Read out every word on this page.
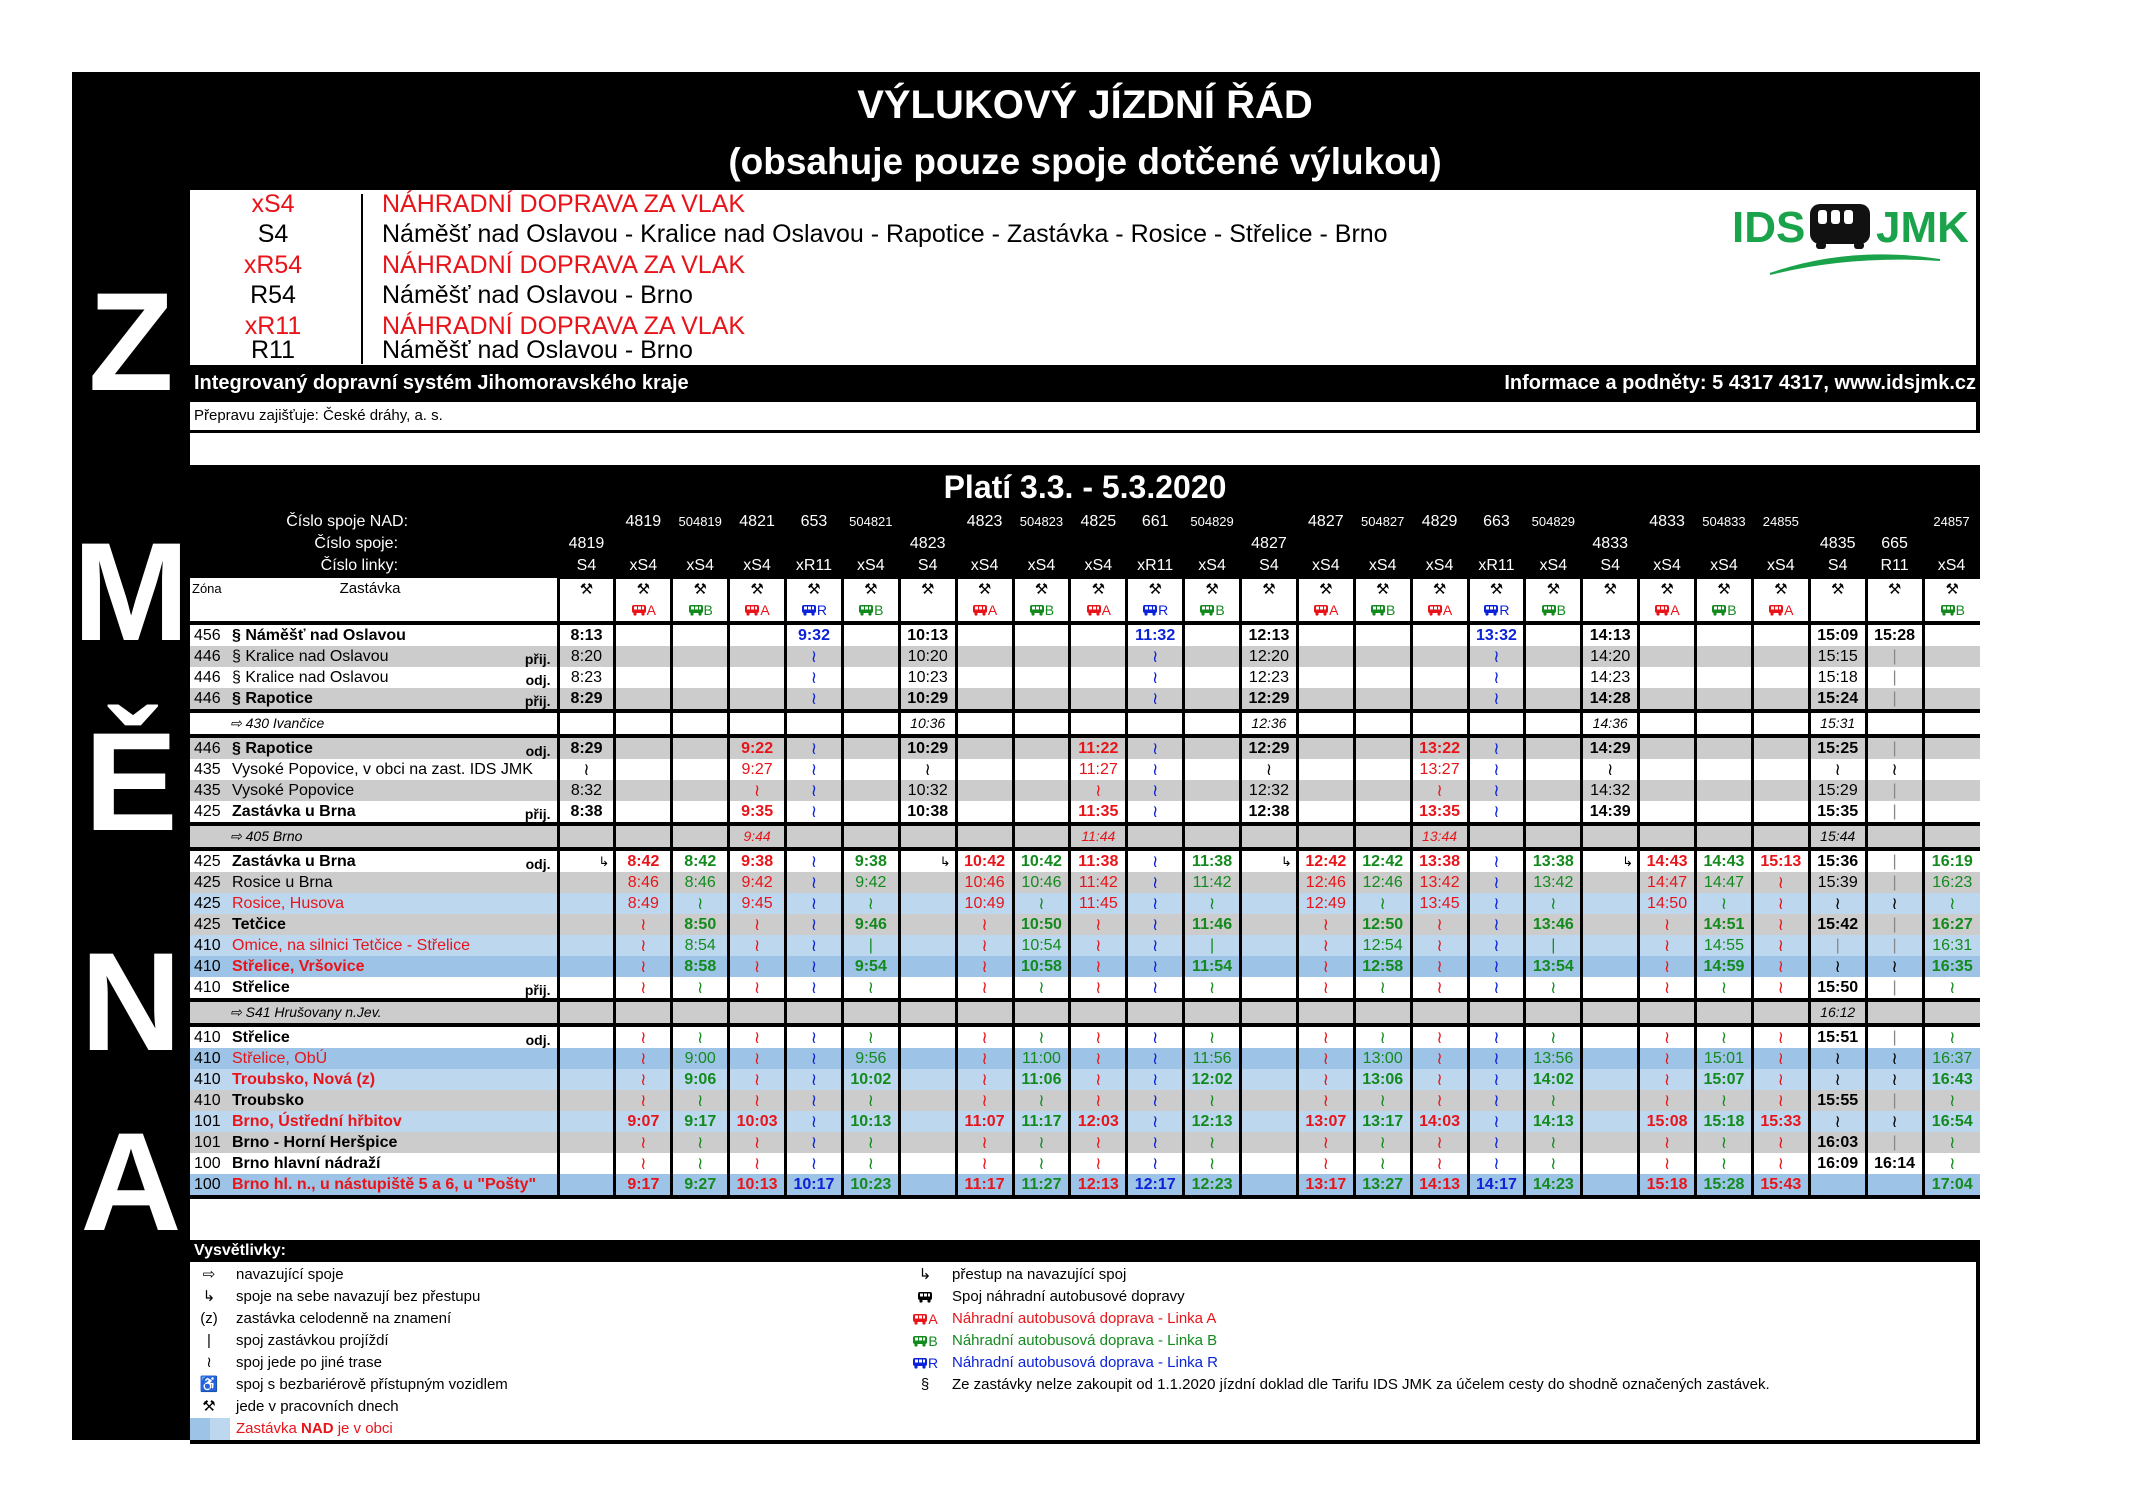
Z
M
Ě
N
A
VÝLUKOVÝ JÍZDNÍ ŘÁD
(obsahuje pouze spoje dotčené výlukou)
xS4	NÁHRADNÍ DOPRAVA ZA VLAK
S4	Náměšť nad Oslavou - Kralice nad Oslavou - Rapotice - Zastávka - Rosice - Střelice - Brno
xR54	NÁHRADNÍ DOPRAVA ZA VLAK
R54	Náměšť nad Oslavou - Brno
xR11	NÁHRADNÍ DOPRAVA ZA VLAK
R11	Náměšť nad Oslavou - Brno
IDS JMK
Integrovaný dopravní systém Jihomoravského kraje	Informace a podněty: 5 4317 4317, www.idsjmk.cz
Přepravu zajišťuje: České dráhy, a. s.
Platí 3.3. - 5.3.2020
Číslo spoje NAD:		4819	504819	4821	653	504821		4823	504823	4825	661	504829		4827	504827	4829	663	504829		4833	504833	24855			24857
Číslo spoje:	4819						4823						4827						4833				4835	665	
Číslo linky:	S4	xS4	xS4	xS4	xR11	xS4	S4	xS4	xS4	xS4	xR11	xS4	S4	xS4	xS4	xS4	xR11	xS4	S4	xS4	xS4	xS4	S4	R11	xS4
Zóna Zastávka	⚒	⚒	⚒	⚒	⚒	⚒	⚒	⚒	⚒	⚒	⚒	⚒	⚒	⚒	⚒	⚒	⚒	⚒	⚒	⚒	⚒	⚒	⚒	⚒	⚒
		A	B	A	R	B		A	B	A	R	B		A	B	A	R	B		A	B	A			B
456 § Náměšť nad Oslavou	8:13				9:32		10:13				11:32		12:13				13:32		14:13				15:09	15:28	
446 § Kralice nad Oslavou přij.	8:20				≀		10:20				≀		12:20				≀		14:20				15:15	|	
446 § Kralice nad Oslavou odj.	8:23				≀		10:23				≀		12:23				≀		14:23				15:18	|	
446 § Rapotice přij.	8:29				≀		10:29				≀		12:29				≀		14:28				15:24	|	
⇨ 430 Ivančice							10:36						12:36						14:36				15:31		
446 § Rapotice odj.	8:29			9:22	≀		10:29			11:22	≀		12:29			13:22	≀		14:29				15:25	|	
435 Vysoké Popovice, v obci na zast. IDS JMK	≀			9:27	≀		≀			11:27	≀		≀			13:27	≀		≀				≀	≀	
435 Vysoké Popovice	8:32			≀	≀		10:32			≀	≀		12:32			≀	≀		14:32				15:29	|	
425 Zastávka u Brna přij.	8:38			9:35	≀		10:38			11:35	≀		12:38			13:35	≀		14:39				15:35	|	
⇨ 405 Brno				9:44						11:44						13:44							15:44		
425 Zastávka u Brna odj.	↳	8:42	8:42	9:38	≀	9:38	↳	10:42	10:42	11:38	≀	11:38	↳	12:42	12:42	13:38	≀	13:38	↳	14:43	14:43	15:13	15:36	|	16:19
425 Rosice u Brna		8:46	8:46	9:42	≀	9:42		10:46	10:46	11:42	≀	11:42		12:46	12:46	13:42	≀	13:42		14:47	14:47	≀	15:39	|	16:23
425 Rosice, Husova		8:49	≀	9:45	≀	≀		10:49	≀	11:45	≀	≀		12:49	≀	13:45	≀	≀		14:50	≀	≀	≀	≀	≀
425 Tetčice		≀	8:50	≀	≀	9:46		≀	10:50	≀	≀	11:46		≀	12:50	≀	≀	13:46		≀	14:51	≀	15:42	|	16:27
410 Omice, na silnici Tetčice - Střelice		≀	8:54	≀	≀	|		≀	10:54	≀	≀	|		≀	12:54	≀	≀	|		≀	14:55	≀	|	|	16:31
410 Střelice, Vršovice		≀	8:58	≀	≀	9:54		≀	10:58	≀	≀	11:54		≀	12:58	≀	≀	13:54		≀	14:59	≀	≀	≀	16:35
410 Střelice přij.		≀	≀	≀	≀	≀		≀	≀	≀	≀	≀		≀	≀	≀	≀	≀		≀	≀	≀	15:50	|	≀
⇨ S41 Hrušovany n.Jev.																							16:12		
410 Střelice odj.		≀	≀	≀	≀	≀		≀	≀	≀	≀	≀		≀	≀	≀	≀	≀		≀	≀	≀	15:51	|	≀
410 Střelice, ObÚ		≀	9:00	≀	≀	9:56		≀	11:00	≀	≀	11:56		≀	13:00	≀	≀	13:56		≀	15:01	≀	≀	≀	16:37
410 Troubsko, Nová (z)		≀	9:06	≀	≀	10:02		≀	11:06	≀	≀	12:02		≀	13:06	≀	≀	14:02		≀	15:07	≀	≀	≀	16:43
410 Troubsko		≀	≀	≀	≀	≀		≀	≀	≀	≀	≀		≀	≀	≀	≀	≀		≀	≀	≀	15:55	|	≀
101 Brno, Ústřední hřbitov		9:07	9:17	10:03	≀	10:13		11:07	11:17	12:03	≀	12:13		13:07	13:17	14:03	≀	14:13		15:08	15:18	15:33	≀	≀	16:54
101 Brno - Horní Heršpice		≀	≀	≀	≀	≀		≀	≀	≀	≀	≀		≀	≀	≀	≀	≀		≀	≀	≀	16:03	|	≀
100 Brno hlavní nádraží		≀	≀	≀	≀	≀		≀	≀	≀	≀	≀		≀	≀	≀	≀	≀		≀	≀	≀	16:09	16:14	≀
100 Brno hl. n., u nástupiště 5 a 6, u "Pošty"		9:17	9:27	10:13	10:17	10:23		11:17	11:27	12:13	12:17	12:23		13:17	13:27	14:13	14:17	14:23		15:18	15:28	15:43			17:04
Vysvětlivky:
⇨	navazující spoje
↳	spoje na sebe navazují bez přestupu
(z)	zastávka celodenně na znamení
|	spoj zastávkou projíždí
≀	spoj jede po jiné trase
♿	spoj s bezbariérově přístupným vozidlem
⚒	jede v pracovních dnech
Zastávka NAD je v obci
↳	přestup na navazující spoj
Spoj náhradní autobusové dopravy
A Náhradní autobusová doprava - Linka A
B Náhradní autobusová doprava - Linka B
R Náhradní autobusová doprava - Linka R
§	Ze zastávky nelze zakoupit od 1.1.2020 jízdní doklad dle Tarifu IDS JMK za účelem cesty do shodně označených zastávek.
